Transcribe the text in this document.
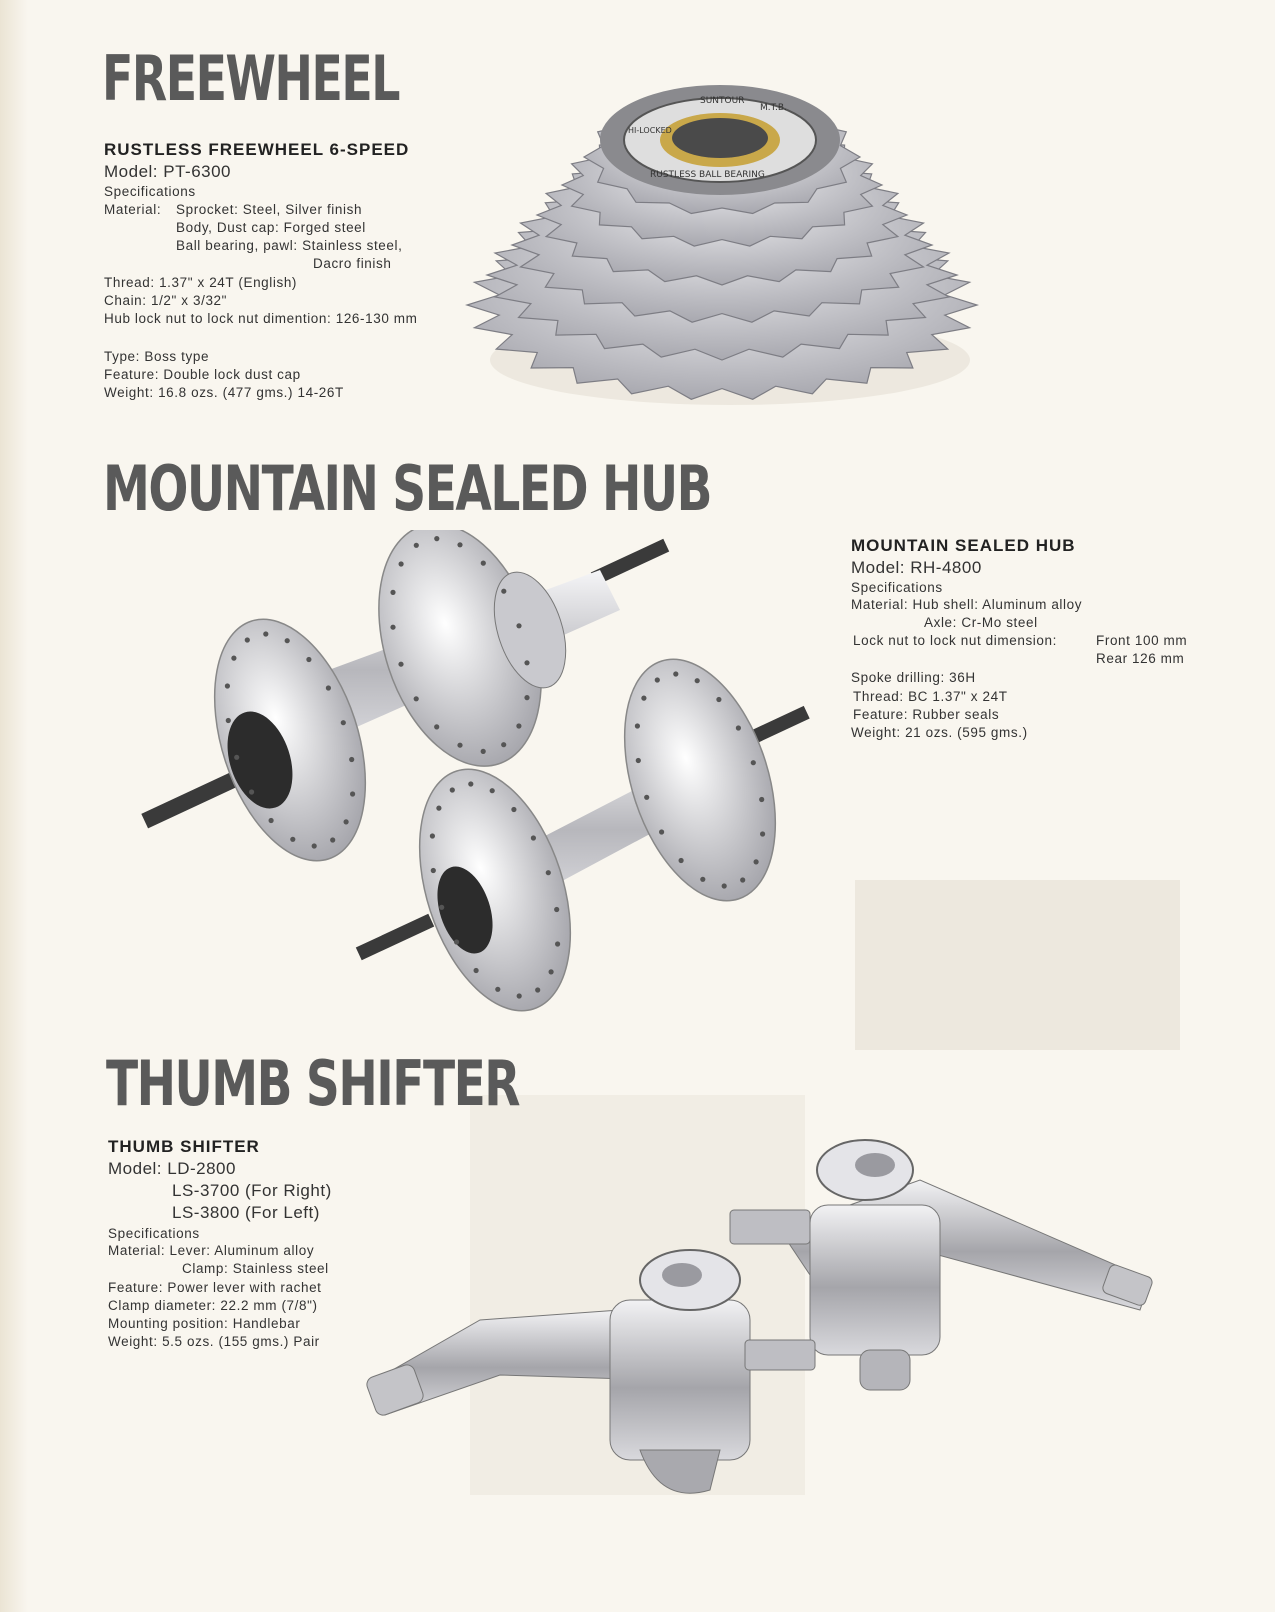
FREEWHEEL
RUSTLESS FREEWHEEL 6-SPEED
Model: PT-6300
Specifications
Material: Sprocket: Steel, Silver finish
Body, Dust cap: Forged steel
Ball bearing, pawl: Stainless steel,
Dacro finish
Thread: 1.37" x 24T (English)
Chain: 1/2" x 3/32"
Hub lock nut to lock nut dimention: 126-130 mm
Type: Boss type
Feature: Double lock dust cap
Weight: 16.8 ozs. (477 gms.) 14-26T
SUNTOUR
M.T.B.
HI-LOCKED
RUSTLESS BALL BEARING
MOUNTAIN SEALED HUB
MOUNTAIN SEALED HUB
Model: RH-4800
Specifications
Material: Hub shell: Aluminum alloy
Axle: Cr-Mo steel
Lock nut to lock nut dimension:	Front 100 mm
Rear 126 mm
Spoke drilling: 36H
Thread: BC 1.37" x 24T
Feature: Rubber seals
Weight: 21 ozs. (595 gms.)
THUMB SHIFTER
THUMB SHIFTER
Model: LD-2800
LS-3700 (For Right)
LS-3800 (For Left)
Specifications
Material: Lever: Aluminum alloy
Clamp: Stainless steel
Feature: Power lever with rachet
Clamp diameter: 22.2 mm (7/8")
Mounting position: Handlebar
Weight: 5.5 ozs. (155 gms.) Pair
